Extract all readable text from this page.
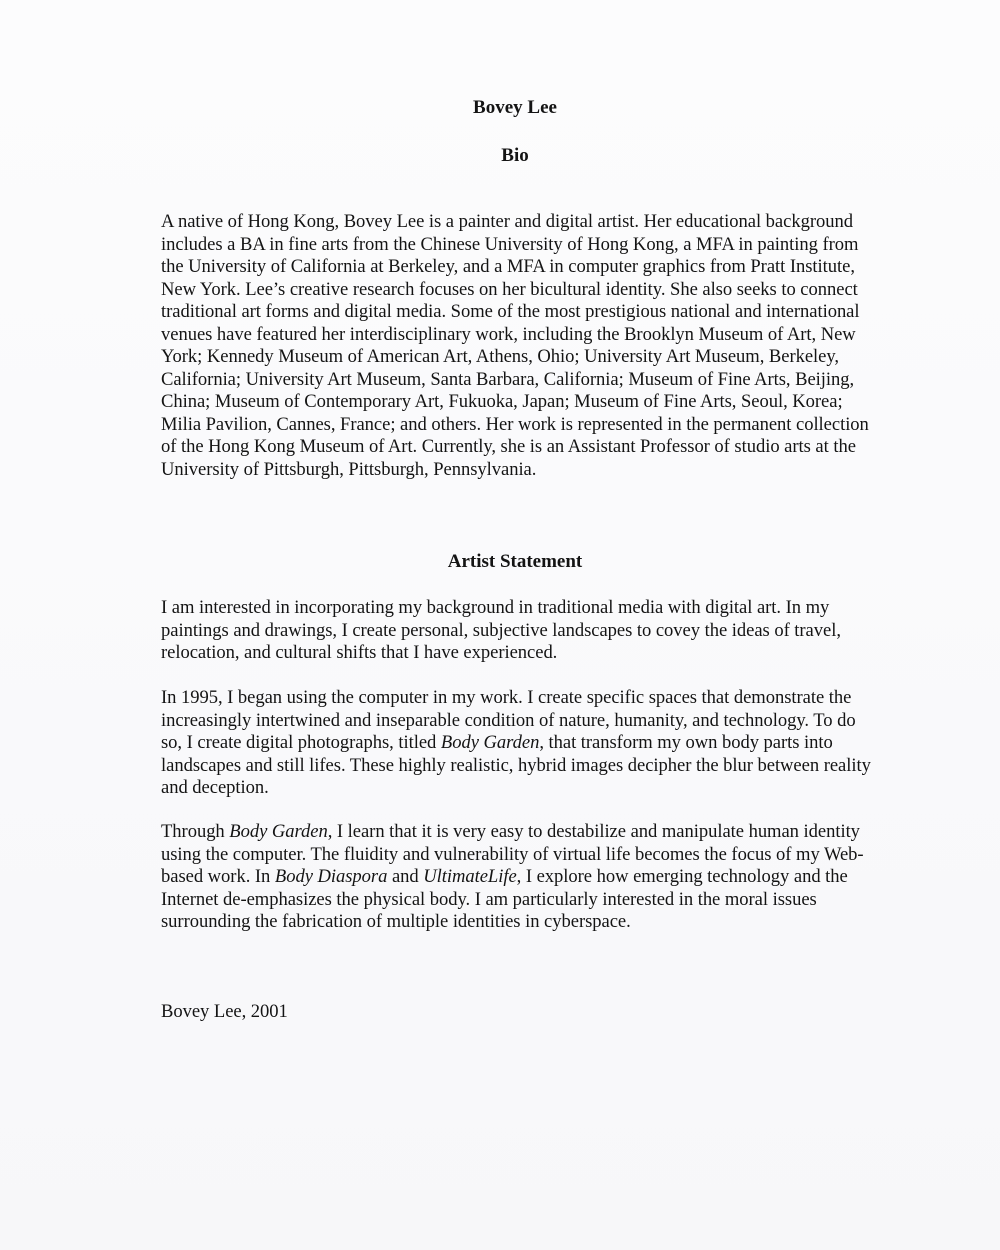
Bovey Lee
Bio

A native of Hong Kong, Bovey Lee is a painter and digital artist. Her educational background includes a BA in fine arts from the Chinese University of Hong Kong, a MFA in painting from the University of California at Berkeley, and a MFA in computer graphics from Pratt Institute, New York. Lee’s creative research focuses on her bicultural identity. She also seeks to connect traditional art forms and digital media. Some of the most prestigious national and international venues have featured her interdisciplinary work, including the Brooklyn Museum of Art, New York; Kennedy Museum of American Art, Athens, Ohio; University Art Museum, Berkeley, California; University Art Museum, Santa Barbara, California; Museum of Fine Arts, Beijing, China; Museum of Contemporary Art, Fukuoka, Japan; Museum of Fine Arts, Seoul, Korea; Milia Pavilion, Cannes, France; and others. Her work is represented in the permanent collection of the Hong Kong Museum of Art. Currently, she is an Assistant Professor of studio arts at the University of Pittsburgh, Pittsburgh, Pennsylvania.

Artist Statement

I am interested in incorporating my background in traditional media with digital art. In my paintings and drawings, I create personal, subjective landscapes to covey the ideas of travel, relocation, and cultural shifts that I have experienced.

In 1995, I began using the computer in my work. I create specific spaces that demonstrate the increasingly intertwined and inseparable condition of nature, humanity, and technology. To do so, I create digital photographs, titled Body Garden, that transform my own body parts into landscapes and still lifes. These highly realistic, hybrid images decipher the blur between reality and deception.

Through Body Garden, I learn that it is very easy to destabilize and manipulate human identity using the computer. The fluidity and vulnerability of virtual life becomes the focus of my Web-based work. In Body Diaspora and UltimateLife, I explore how emerging technology and the Internet de-emphasizes the physical body. I am particularly interested in the moral issues surrounding the fabrication of multiple identities in cyberspace.

Bovey Lee, 2001
